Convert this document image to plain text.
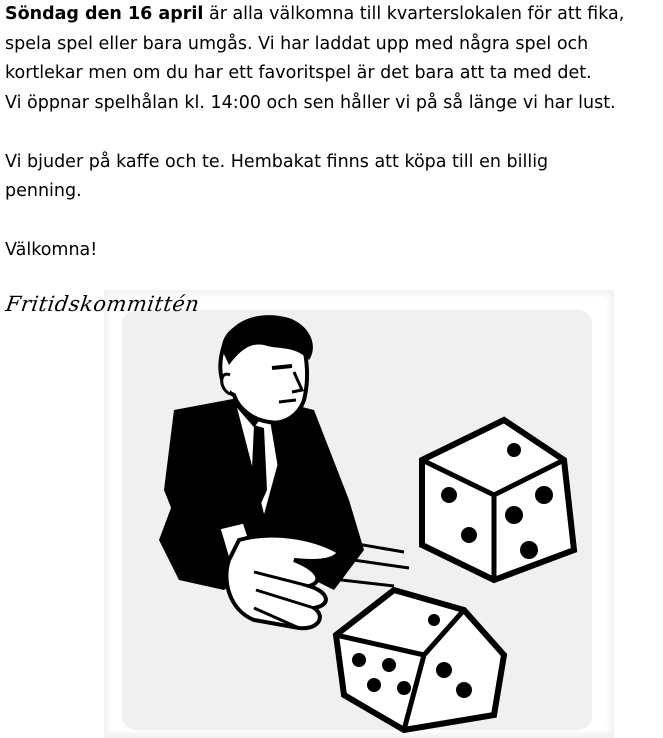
Söndag den 16 april är alla välkomna till kvarterslokalen för att fika,
spela spel eller bara umgås. Vi har laddat upp med några spel och
kortlekar men om du har ett favoritspel är det bara att ta med det.
Vi öppnar spelhålan kl. 14:00 och sen håller vi på så länge vi har lust.

Vi bjuder på kaffe och te. Hembakat finns att köpa till en billig
penning.

Välkomna!

Fritidskommittén
